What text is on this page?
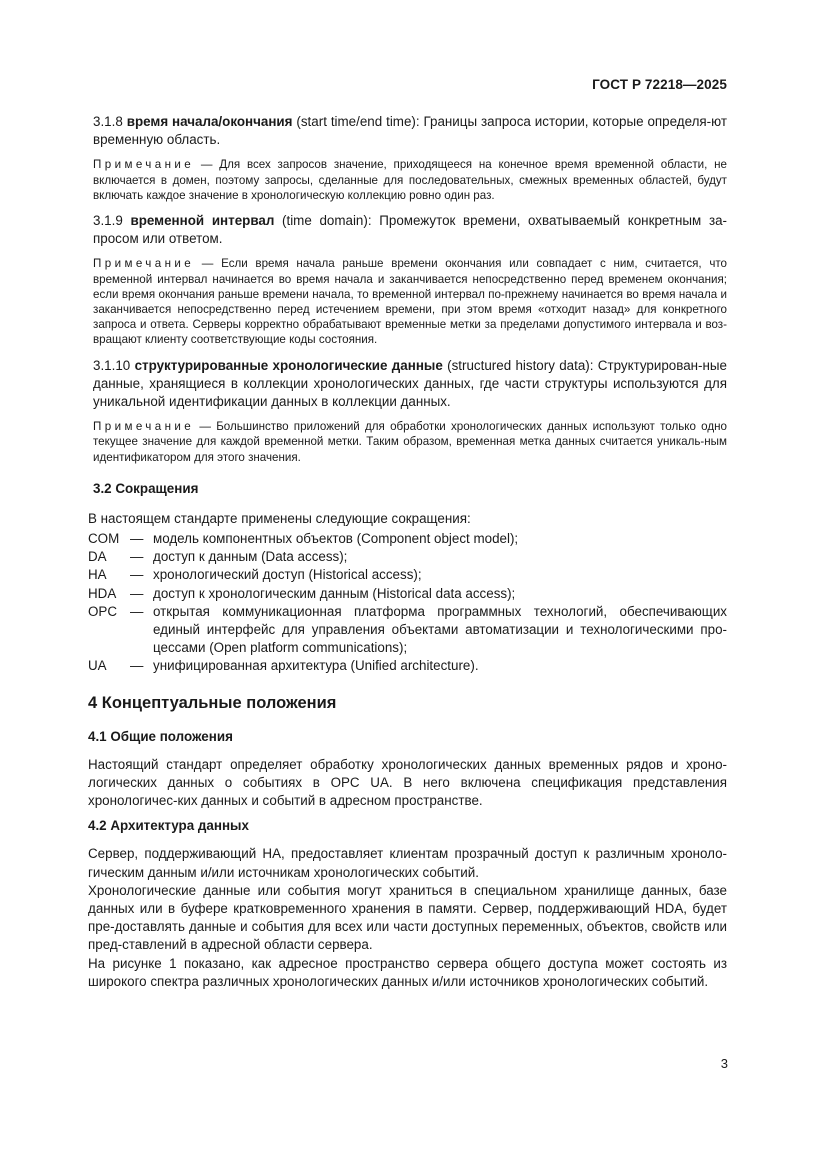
ГОСТ Р 72218—2025

3.1.8 время начала/окончания (start time/end time): Границы запроса истории, которые определя-ют временную область.

Примечание — Для всех запросов значение, приходящееся на конечное время временной области, не включается в домен, поэтому запросы, сделанные для последовательных, смежных временных областей, будут включать каждое значение в хронологическую коллекцию ровно один раз.

3.1.9 временной интервал (time domain): Промежуток времени, охватываемый конкретным за-просом или ответом.

Примечание — Если время начала раньше времени окончания или совпадает с ним, считается, что временной интервал начинается во время начала и заканчивается непосредственно перед временем окончания; если время окончания раньше времени начала, то временной интервал по-прежнему начинается во время начала и заканчивается непосредственно перед истечением времени, при этом время «отходит назад» для конкретного запроса и ответа. Серверы корректно обрабатывают временные метки за пределами допустимого интервала и воз-вращают клиенту соответствующие коды состояния.

3.1.10 структурированные хронологические данные (structured history data): Структурирован-ные данные, хранящиеся в коллекции хронологических данных, где части структуры используются для уникальной идентификации данных в коллекции данных.

Примечание — Большинство приложений для обработки хронологических данных используют только одно текущее значение для каждой временной метки. Таким образом, временная метка данных считается уникаль-ным идентификатором для этого значения.

3.2 Сокращения

В настоящем стандарте применены следующие сокращения:

COM	—	модель компонентных объектов (Component object model);
DA	—	доступ к данным (Data access);
HA	—	хронологический доступ (Historical access);
HDA	—	доступ к хронологическим данным (Historical data access);
OPC	—	открытая коммуникационная платформа программных технологий, обеспечивающих единый интерфейс для управления объектами автоматизации и технологическими про-цессами (Open platform communications);
UA	—	унифицированная архитектура (Unified architecture).
4 Концептуальные положения
4.1 Общие положения

Настоящий стандарт определяет обработку хронологических данных временных рядов и хроно-логических данных о событиях в OPC UA. В него включена спецификация представления хронологичес-ких данных и событий в адресном пространстве.

4.2 Архитектура данных

Сервер, поддерживающий HA, предоставляет клиентам прозрачный доступ к различным хроноло-гическим данным и/или источникам хронологических событий.

Хронологические данные или события могут храниться в специальном хранилище данных, базе данных или в буфере кратковременного хранения в памяти. Сервер, поддерживающий HDA, будет пре-доставлять данные и события для всех или части доступных переменных, объектов, свойств или пред-ставлений в адресной области сервера.

На рисунке 1 показано, как адресное пространство сервера общего доступа может состоять из широкого спектра различных хронологических данных и/или источников хронологических событий.

3
